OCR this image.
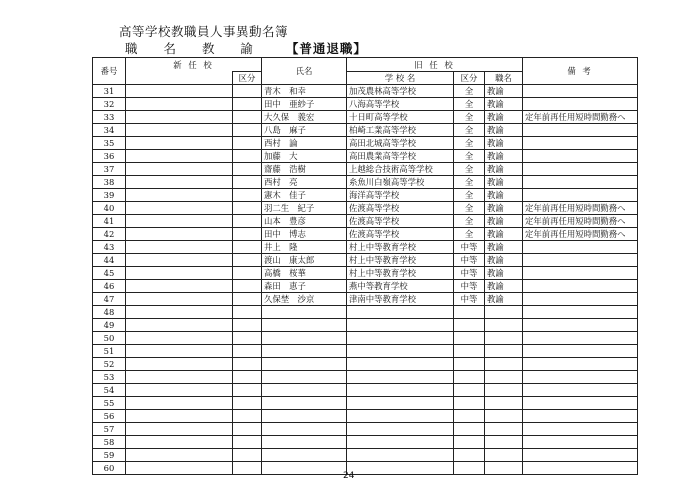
高等学校教職員人事異動名簿
職 名 教 諭 【普通退職】
番号	新 任 校		氏名	旧 任 校			備 考
		区分		学 校 名	区分	職名	
31			青木　和幸	加茂農林高等学校	全	教諭	
32			田中　亜紗子	八海高等学校	全	教諭	
33			大久保　義宏	十日町高等学校	全	教諭	定年前再任用短時間勤務へ
34			八島　麻子	柏崎工業高等学校	全	教諭	
35			西村　論	高田北城高等学校	全	教諭	
36			加藤　大	高田農業高等学校	全	教諭	
37			齋藤　浩樹	上越総合技術高等学校	全	教諭	
38			西村　亮	糸魚川白嶺高等学校	全	教諭	
39			憲木　佳子	海洋高等学校	全	教諭	
40			羽二生　紀子	佐渡高等学校	全	教諭	定年前再任用短時間勤務へ
41			山本　豊彦	佐渡高等学校	全	教諭	定年前再任用短時間勤務へ
42			田中　博志	佐渡高等学校	全	教諭	定年前再任用短時間勤務へ
43			井上　隆	村上中等教育学校	中等	教諭	
44			渡山　康太郎	村上中等教育学校	中等	教諭	
45			高橋　桜華	村上中等教育学校	中等	教諭	
46			森田　恵子	燕中等教育学校	中等	教諭	
47			久保埜　沙京	津南中等教育学校	中等	教諭	
48							
49							
50							
51							
52							
53							
54							
55							
56							
57							
58							
59							
60							
24
